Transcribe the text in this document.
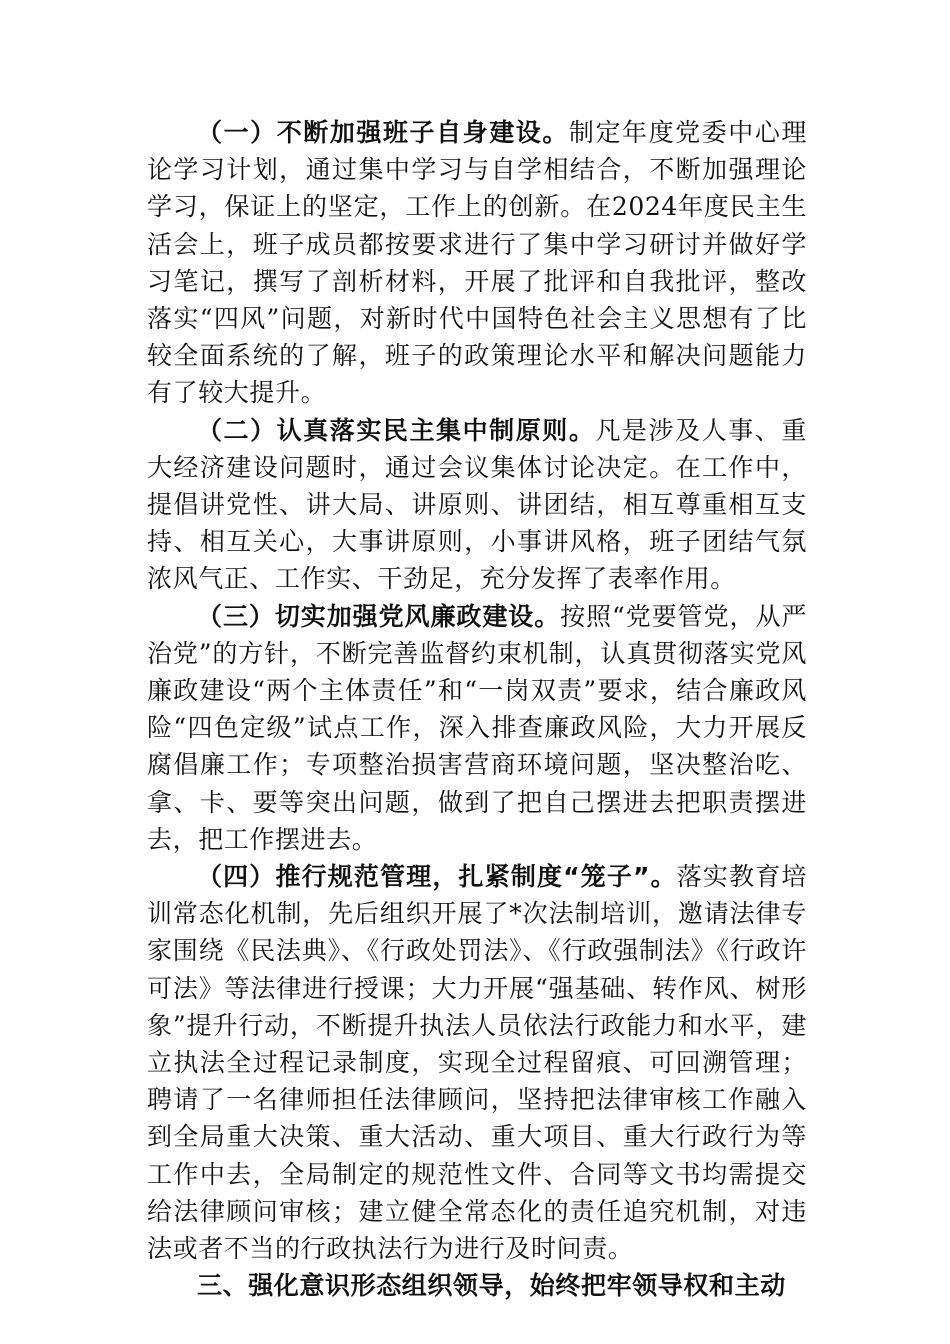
（一）不断加强班子自身建设。制定年度党委中心理论学习计划，通过集中学习与自学相结合，不断加强理论学习，保证上的坚定，工作上的创新。在2024年度民主生活会上，班子成员都按要求进行了集中学习研讨并做好学习笔记，撰写了剖析材料，开展了批评和自我批评，整改落实“四风”问题，对新时代中国特色社会主义思想有了比较全面系统的了解，班子的政策理论水平和解决问题能力有了较大提升。

（二）认真落实民主集中制原则。凡是涉及人事、重大经济建设问题时，通过会议集体讨论决定。在工作中，提倡讲党性、讲大局、讲原则、讲团结，相互尊重相互支持、相互关心，大事讲原则，小事讲风格，班子团结气氛浓风气正、工作实、干劲足，充分发挥了表率作用。

（三）切实加强党风廉政建设。按照“党要管党，从严治党”的方针，不断完善监督约束机制，认真贯彻落实党风廉政建设“两个主体责任”和“一岗双责”要求，结合廉政风险“四色定级”试点工作，深入排查廉政风险，大力开展反腐倡廉工作；专项整治损害营商环境问题，坚决整治吃、拿、卡、要等突出问题，做到了把自己摆进去把职责摆进去，把工作摆进去。

（四）推行规范管理，扎紧制度“笼子”。落实教育培训常态化机制，先后组织开展了*次法制培训，邀请法律专家围绕《民法典》、《行政处罚法》、《行政强制法》《行政许可法》等法律进行授课；大力开展“强基础、转作风、树形象”提升行动，不断提升执法人员依法行政能力和水平，建立执法全过程记录制度，实现全过程留痕、可回溯管理；聘请了一名律师担任法律顾问，坚持把法律审核工作融入到全局重大决策、重大活动、重大项目、重大行政行为等工作中去，全局制定的规范性文件、合同等文书均需提交给法律顾问审核；建立健全常态化的责任追究机制，对违法或者不当的行政执法行为进行及时问责。

三、强化意识形态组织领导，始终把牢领导权和主动
